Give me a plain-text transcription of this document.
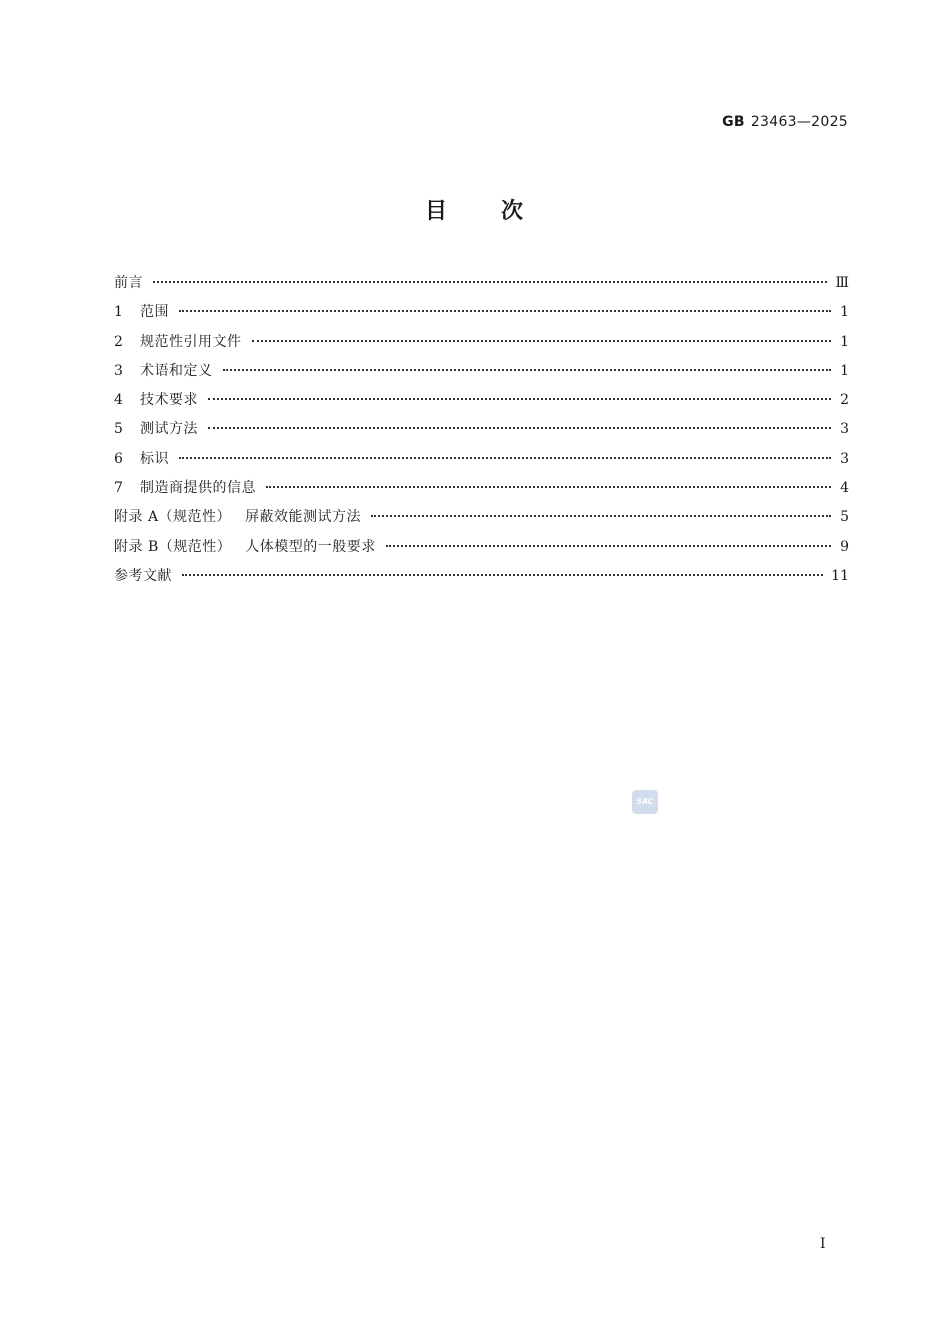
GB 23463—2025
目 次
前言	Ⅲ
1	范围	1
2	规范性引用文件	1
3	术语和定义	1
4	技术要求	2
5	测试方法	3
6	标识	3
7	制造商提供的信息	4
附录 A（规范性） 屏蔽效能测试方法	5
附录 B（规范性） 人体模型的一般要求	9
参考文献	11
SAC
I
